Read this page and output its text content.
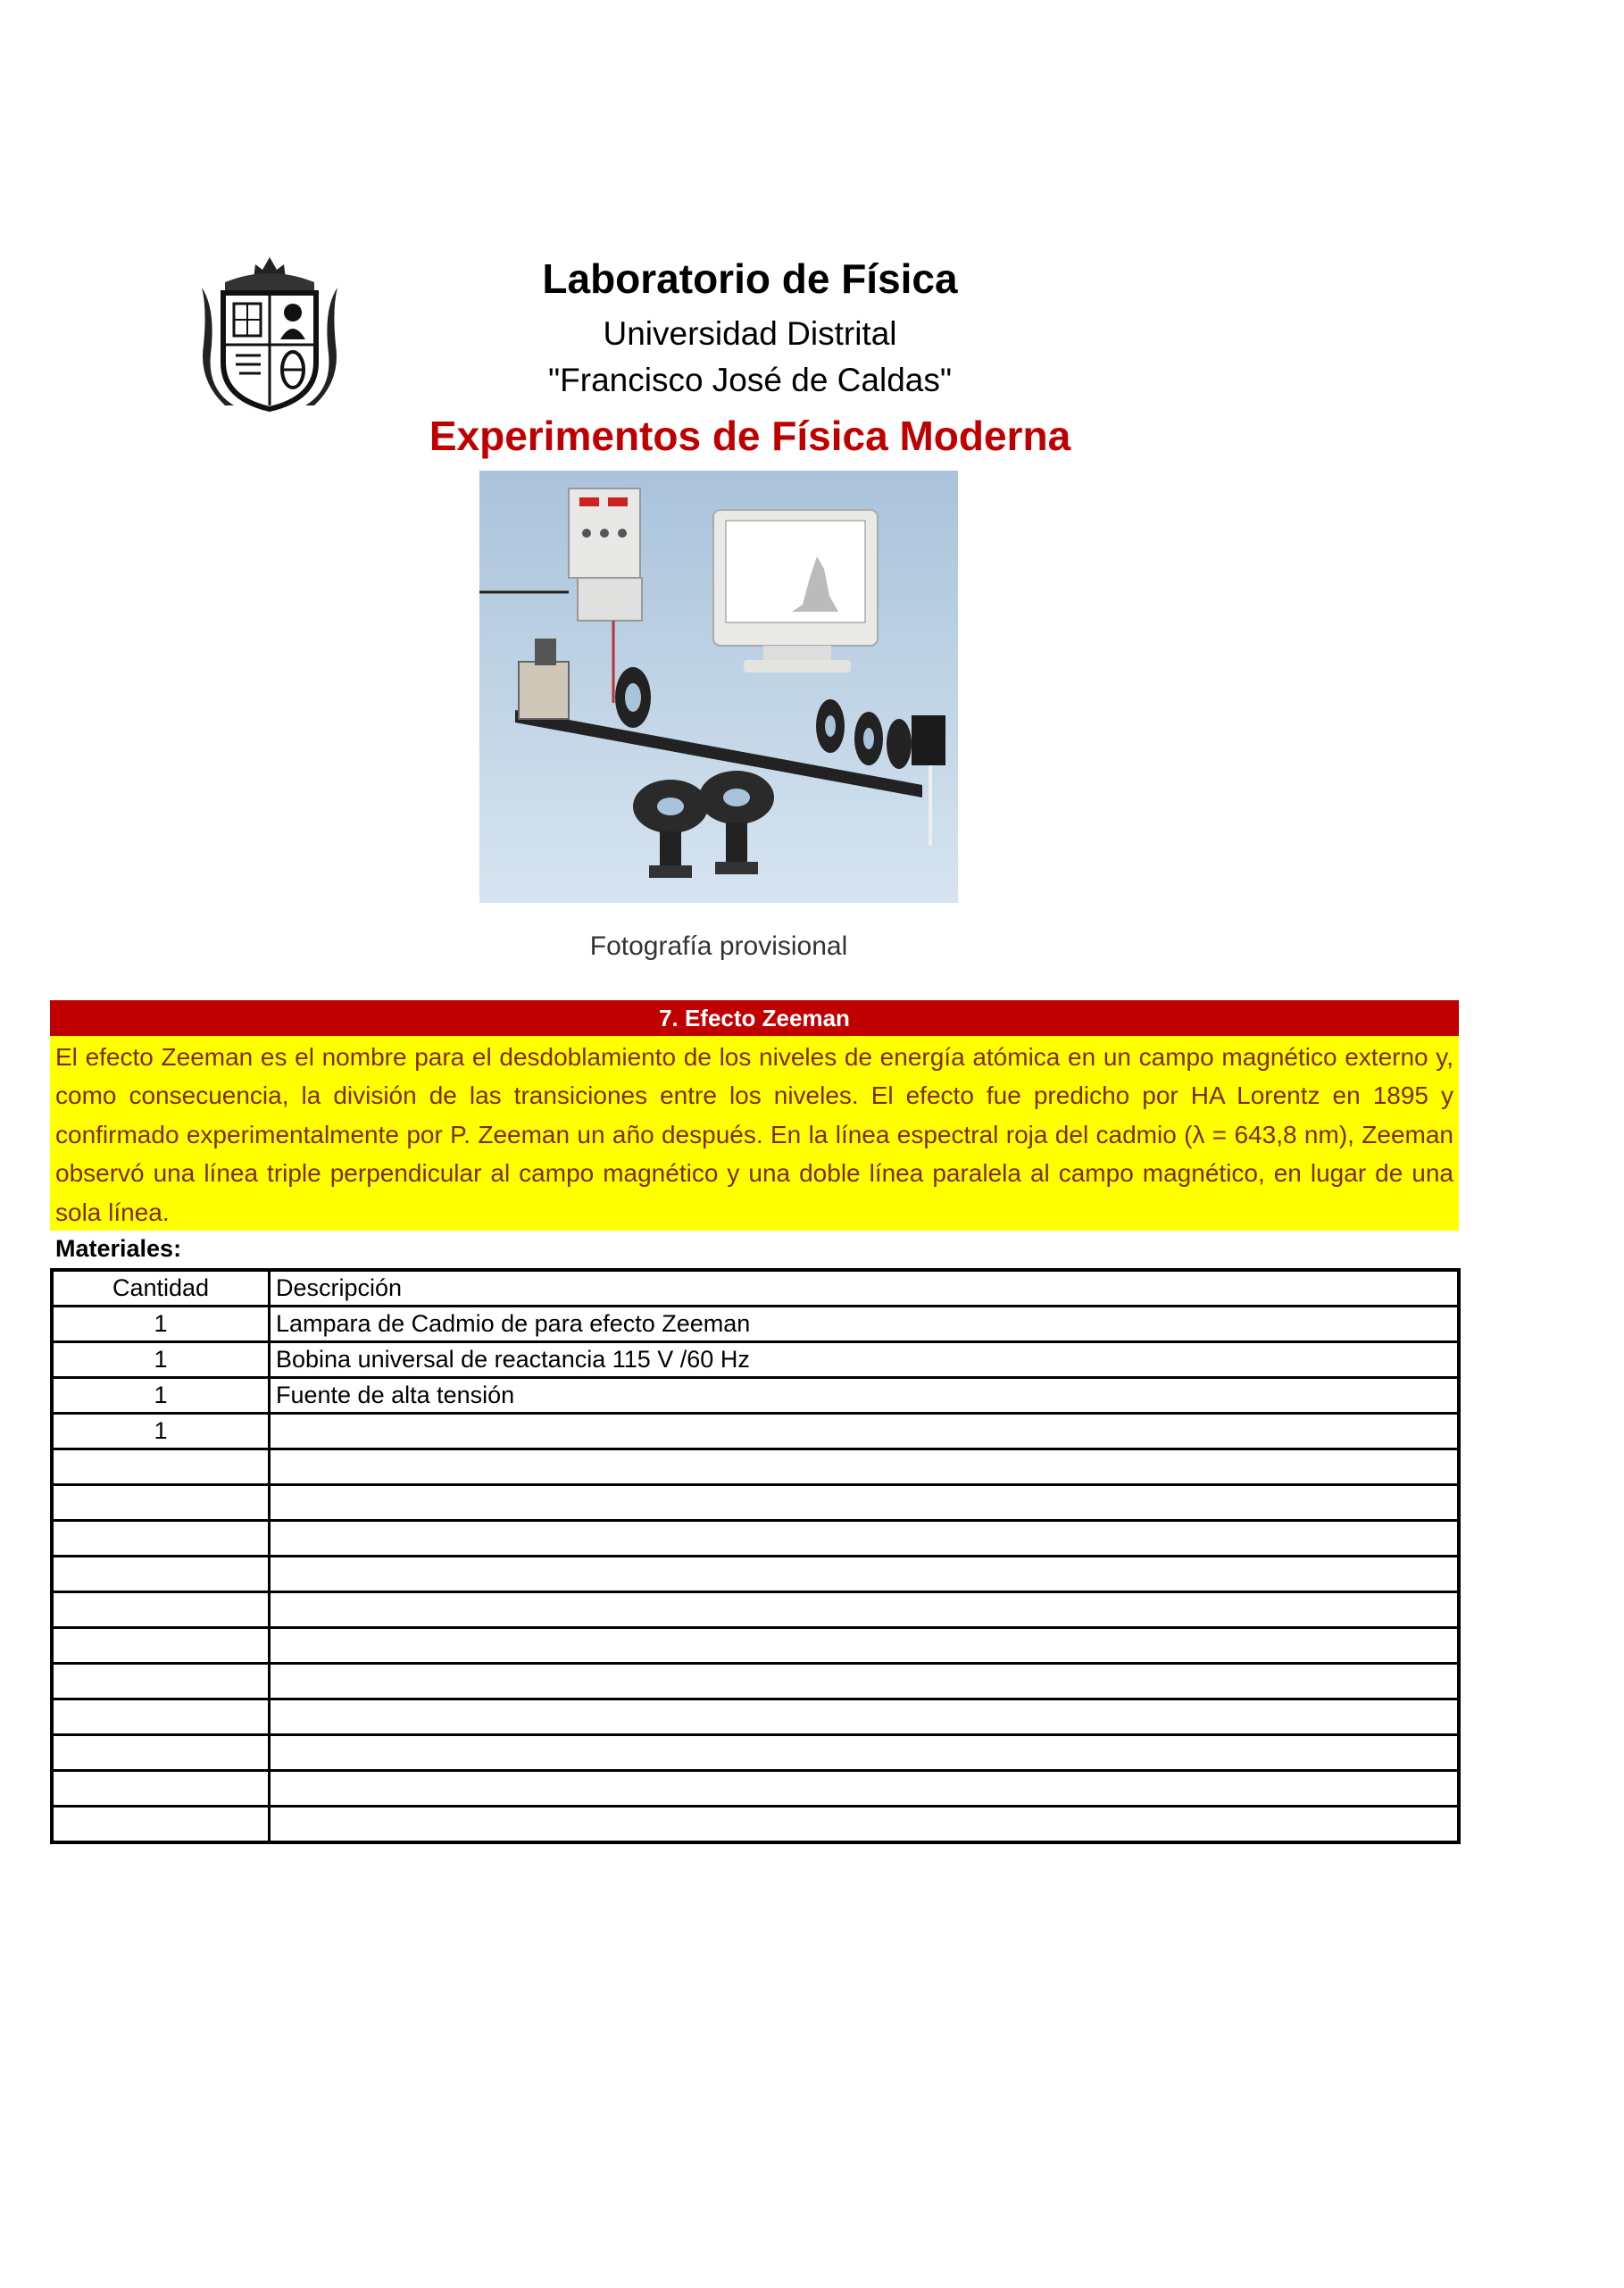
Laboratorio de Física
Universidad Distrital
"Francisco José de Caldas"
Experimentos de Física Moderna
Fotografía provisional
7. Efecto Zeeman
El efecto Zeeman es el nombre para el desdoblamiento de los niveles de energía atómica en un campo magnético externo y, como consecuencia, la división de las transiciones entre los niveles. El efecto fue predicho por HA Lorentz en 1895 y confirmado experimentalmente por P. Zeeman un año después. En la línea espectral roja del cadmio (λ = 643,8 nm), Zeeman observó una línea triple perpendicular al campo magnético y una doble línea paralela al campo magnético, en lugar de una sola línea.
Materiales:
Cantidad	Descripción
1	Lampara de Cadmio de para efecto Zeeman
1	Bobina universal de reactancia 115 V /60 Hz
1	Fuente de alta tensión
1	
